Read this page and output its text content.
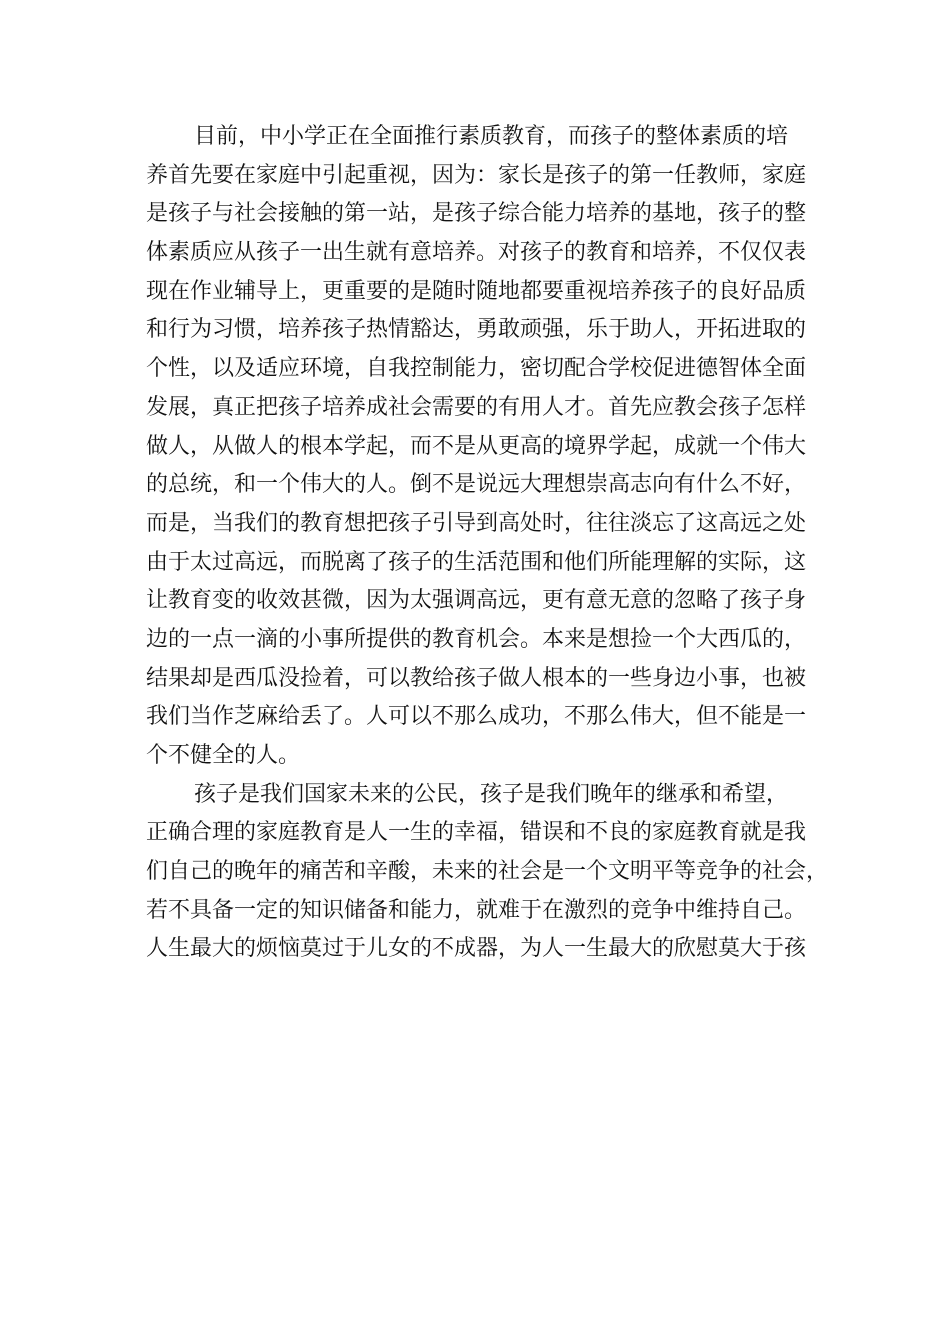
目前，中小学正在全面推行素质教育，而孩子的整体素质的培
养首先要在家庭中引起重视，因为：家长是孩子的第一任教师，家庭
是孩子与社会接触的第一站，是孩子综合能力培养的基地，孩子的整
体素质应从孩子一出生就有意培养。对孩子的教育和培养，不仅仅表
现在作业辅导上，更重要的是随时随地都要重视培养孩子的良好品质
和行为习惯，培养孩子热情豁达，勇敢顽强，乐于助人，开拓进取的
个性，以及适应环境，自我控制能力，密切配合学校促进德智体全面
发展，真正把孩子培养成社会需要的有用人才。首先应教会孩子怎样
做人，从做人的根本学起，而不是从更高的境界学起，成就一个伟大
的总统，和一个伟大的人。倒不是说远大理想崇高志向有什么不好，
而是，当我们的教育想把孩子引导到高处时，往往淡忘了这高远之处
由于太过高远，而脱离了孩子的生活范围和他们所能理解的实际，这
让教育变的收效甚微，因为太强调高远，更有意无意的忽略了孩子身
边的一点一滴的小事所提供的教育机会。本来是想捡一个大西瓜的，
结果却是西瓜没捡着，可以教给孩子做人根本的一些身边小事，也被
我们当作芝麻给丢了。人可以不那么成功，不那么伟大，但不能是一
个不健全的人。
孩子是我们国家未来的公民，孩子是我们晚年的继承和希望，
正确合理的家庭教育是人一生的幸福，错误和不良的家庭教育就是我
们自己的晚年的痛苦和辛酸，未来的社会是一个文明平等竞争的社会，
若不具备一定的知识储备和能力，就难于在激烈的竞争中维持自己。
人生最大的烦恼莫过于儿女的不成器，为人一生最大的欣慰莫大于孩
